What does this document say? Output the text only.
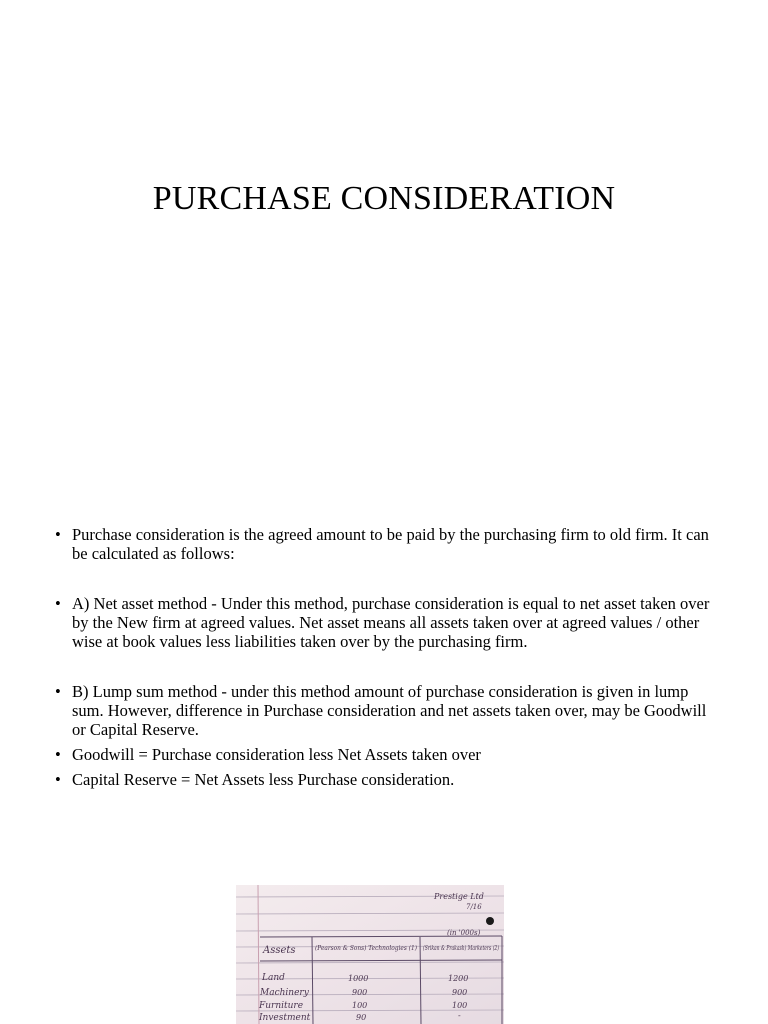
PURCHASE CONSIDERATION
• Purchase consideration is the agreed amount to be paid by the purchasing firm to old firm. It can be calculated as follows:
• A) Net asset method - Under this method, purchase consideration is equal to net asset taken over by the New firm at agreed values. Net asset means all assets taken over at agreed values / other wise at book values less liabilities taken over by the purchasing firm.
• B) Lump sum method - under this method amount of purchase consideration is given in lump sum. However, difference in Purchase consideration and net assets taken over, may be Goodwill or Capital Reserve.
• Goodwill = Purchase consideration less Net Assets taken over
• Capital Reserve = Net Assets less Purchase consideration.
Prestige Ltd
7/16
(in '000s)
Assets	(Pearson & Sons) Technologies (1) (Srikan & Prakash) Marketers (2)
Land	1000	1200
Machinery	900	900
Furniture	100	100
Investment	90	-
